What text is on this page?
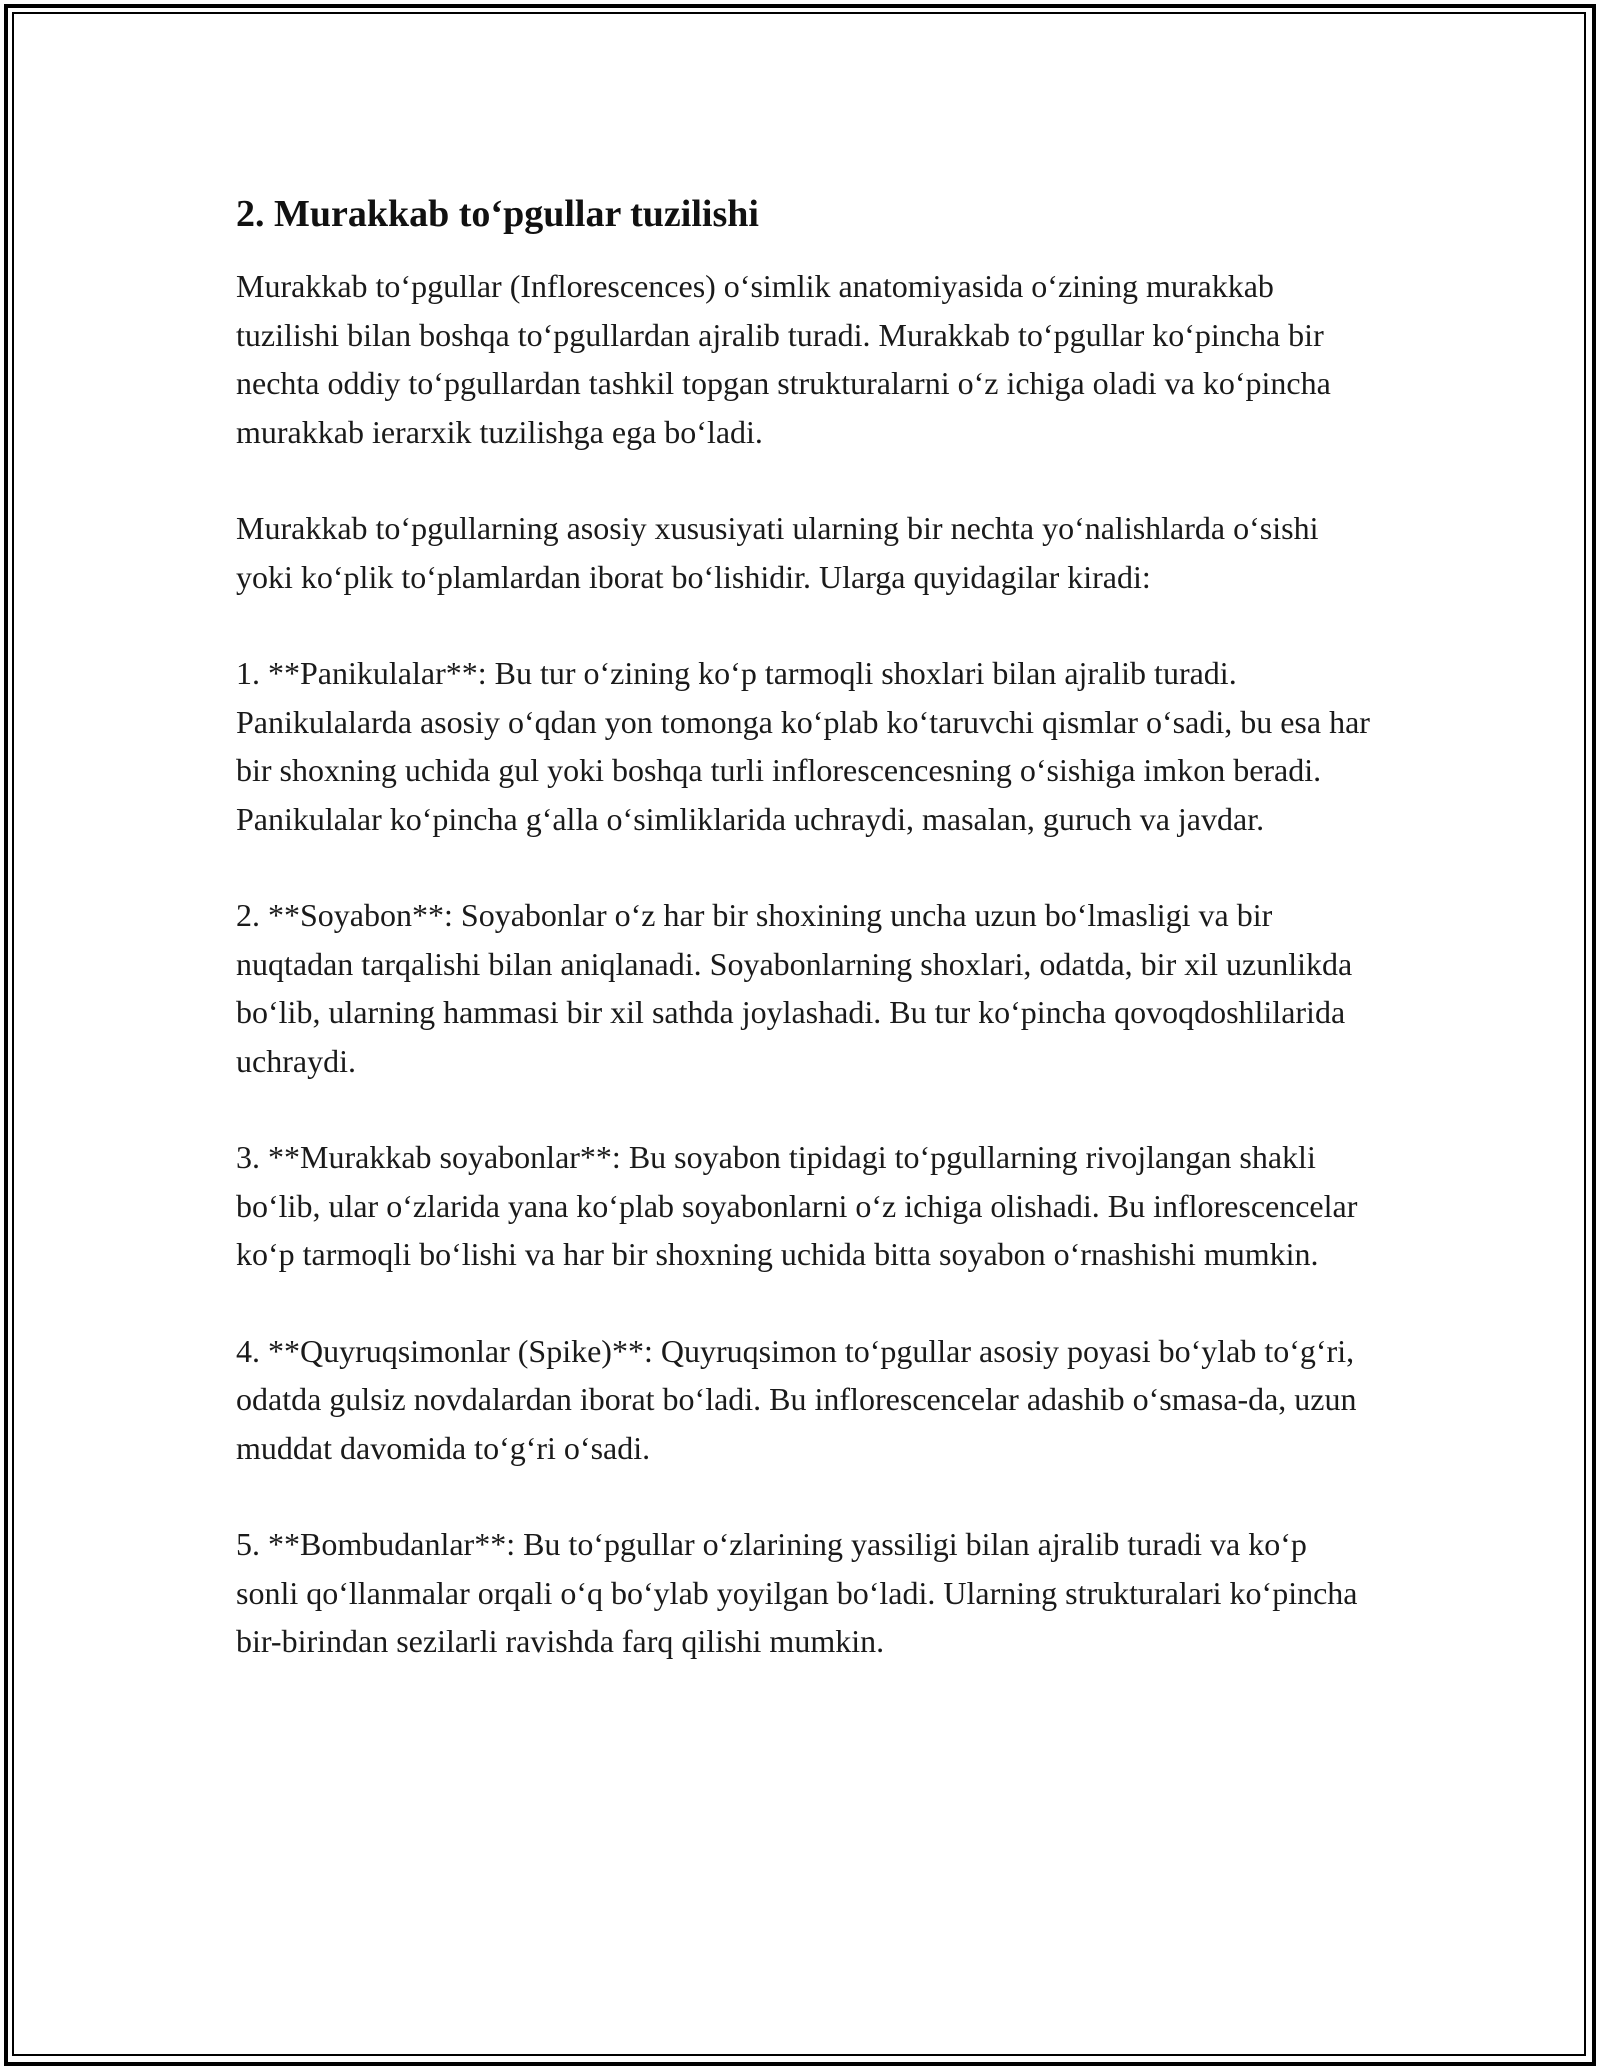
2. Murakkab to‘pgullar tuzilishi

Murakkab to‘pgullar (Inflorescences) o‘simlik anatomiyasida o‘zining murakkab tuzilishi bilan boshqa to‘pgullardan ajralib turadi. Murakkab to‘pgullar ko‘pincha bir nechta oddiy to‘pgullardan tashkil topgan strukturalarni o‘z ichiga oladi va ko‘pincha murakkab ierarxik tuzilishga ega bo‘ladi.

Murakkab to‘pgullarning asosiy xususiyati ularning bir nechta yo‘nalishlarda o‘sishi yoki ko‘plik to‘plamlardan iborat bo‘lishidir. Ularga quyidagilar kiradi:

1. **Panikulalar**: Bu tur o‘zining ko‘p tarmoqli shoxlari bilan ajralib turadi. Panikulalarda asosiy o‘qdan yon tomonga ko‘plab ko‘taruvchi qismlar o‘sadi, bu esa har bir shoxning uchida gul yoki boshqa turli inflorescencesning o‘sishiga imkon beradi. Panikulalar ko‘pincha g‘alla o‘simliklarida uchraydi, masalan, guruch va javdar.

2. **Soyabon**: Soyabonlar o‘z har bir shoxining uncha uzun bo‘lmasligi va bir nuqtadan tarqalishi bilan aniqlanadi. Soyabonlarning shoxlari, odatda, bir xil uzunlikda bo‘lib, ularning hammasi bir xil sathda joylashadi. Bu tur ko‘pincha qovoqdoshlilarida uchraydi.

3. **Murakkab soyabonlar**: Bu soyabon tipidagi to‘pgullarning rivojlangan shakli bo‘lib, ular o‘zlarida yana ko‘plab soyabonlarni o‘z ichiga olishadi. Bu inflorescencelar ko‘p tarmoqli bo‘lishi va har bir shoxning uchida bitta soyabon o‘rnashishi mumkin.

4. **Quyruqsimonlar (Spike)**: Quyruqsimon to‘pgullar asosiy poyasi bo‘ylab to‘g‘ri, odatda gulsiz novdalardan iborat bo‘ladi. Bu inflorescencelar adashib o‘smasa-da, uzun muddat davomida to‘g‘ri o‘sadi.

5. **Bombudanlar**: Bu to‘pgullar o‘zlarining yassiligi bilan ajralib turadi va ko‘p sonli qo‘llanmalar orqali o‘q bo‘ylab yoyilgan bo‘ladi. Ularning strukturalari ko‘pincha bir-birindan sezilarli ravishda farq qilishi mumkin.
